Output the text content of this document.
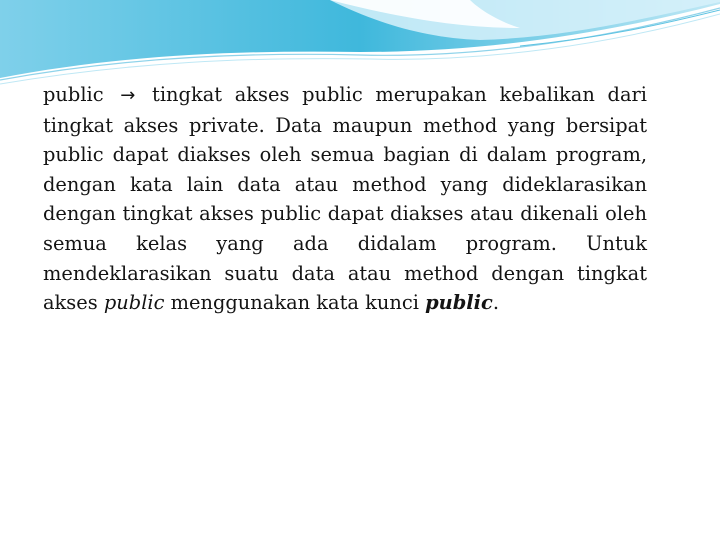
public → tingkat akses public merupakan kebalikan dari tingkat akses private. Data maupun method yang bersipat public dapat diakses oleh semua bagian di dalam program, dengan kata lain data atau method yang dideklarasikan dengan tingkat akses public dapat diakses atau dikenali oleh semua kelas yang ada didalam program. Untuk mendeklarasikan suatu data atau method dengan tingkat akses public menggunakan kata kunci public.
